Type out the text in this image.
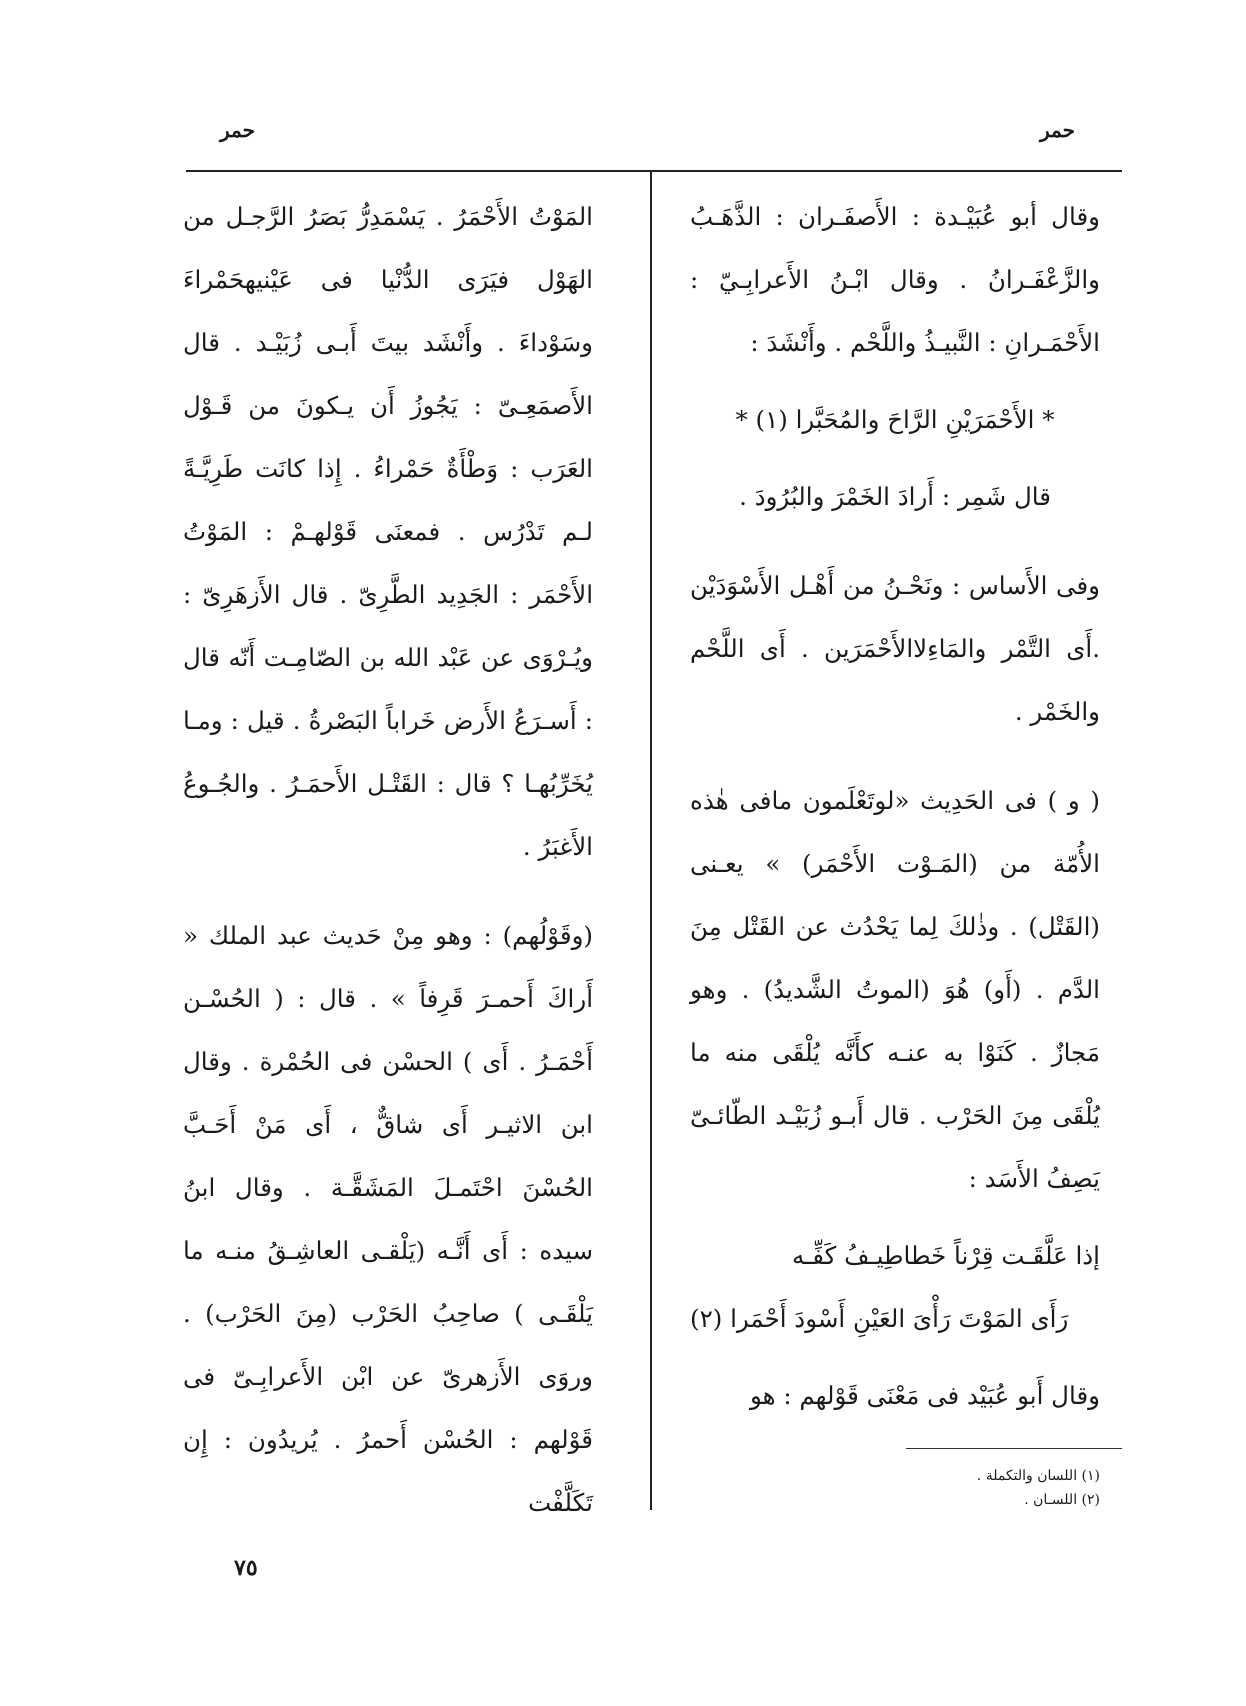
حمر
حمر

وقال أبو عُبَيْـدة : الأَصفَـران : الذَّهَـبُ والزَّعْفَـرانُ . وقال ابْـنُ الأَعرابِـيّ : الأَحْمَـرانِ : النَّبيـذُ واللَّحْم . وأَنْشَدَ :

* الأَحْمَرَيْنِ الرَّاحَ والمُحَبَّرا (١) *

قال شَمِر : أَرادَ الخَمْرَ والبُرُودَ .

وفى الأَساس : ونَحْـنُ من أَهْـل الأَسْوَدَيْن .أَى التَّمْر والمَاءِلاالأَحْمَرَين . أَى اللَّحْم والخَمْر .

( و ) فى الحَدِيث «لوتَعْلَمون مافى هٰذه الأُمّة من (المَـوْت الأَحْمَر) » يعـنى (القَتْل) . وذٰلكَ لِما يَحْدُث عن القَتْل مِنَ الدَّم . (أَو) هُوَ (الموتُ الشَّديدُ) . وهو مَجازٌ . كَنَوْا به عنـه كأَنَّه يُلْقَى منه ما يُلْقَى مِنَ الحَرْب . قال أَبـو زُبَيْـد الطّائـىّ يَصِفُ الأَسَد :

إذا عَلَّقَـت قِرْناً خَطاطِيـفُ كَفِّـه

رَأَى المَوْتَ رَأْىَ العَيْنِ أَسْودَ أَحْمَرا (٢)

وقال أَبو عُبَيْد فى مَعْنَى قَوْلهم : هو

المَوْتُ الأَحْمَرُ . يَسْمَدِرُّ بَصَرُ الرَّجـل من الهَوْل فيَرَى الدُّنْيا فى عَيْنيهحَمْراءَ وسَوْداءَ . وأَنْشَد بيتَ أَبـى زُبَيْـد . قال الأَصمَعِـىّ : يَجُوزُ أَن يـكونَ من قَـوْل العَرَب : وَطْأَةٌ حَمْراءُ . إِذا كانَت طَرِيَّـةً لـم تَدْرُس . فمعنَى قَوْلهـمْ : المَوْتُ الأَحْمَر : الجَدِيد الطَّرِىّ . قال الأَزهَرِىّ : ويُـرْوَى عن عَبْد الله بن الصّامِـت أَنّه قال : أَسـرَعُ الأَرض خَراباً البَصْرةُ . قيل : ومـا يُخَرِّبُهـا ؟ قال : القَتْـل الأَحمَـرُ . والجُـوعُ الأَغبَرُ .

(وقَوْلُهم) : وهو مِنْ حَديث عبد الملك « أَراكَ أَحمـرَ قَرِفاً » . قال : ( الحُسْـن أَحْمَـرُ . أَى ) الحسْن فى الحُمْرة . وقال ابن الاثيـر أَى شاقٌّ ، أَى مَنْ أَحَـبَّ الحُسْنَ احْتَمـلَ المَشَقَّـة . وقال ابنُ سيده : أَى أَنَّـه (يَلْقـى العاشِـقُ منـه ما يَلْقَـى ) صاحِبُ الحَرْب (مِنَ الحَرْب) . وروَى الأَزهرىّ عن ابْن الأَعرابِـىّ فى قَوْلهم : الحُسْن أَحمرُ . يُريدُون : إِن تَكَلَّفْت

(١) اللسان والتكملة .
(٢) اللسـان .
٧٥
